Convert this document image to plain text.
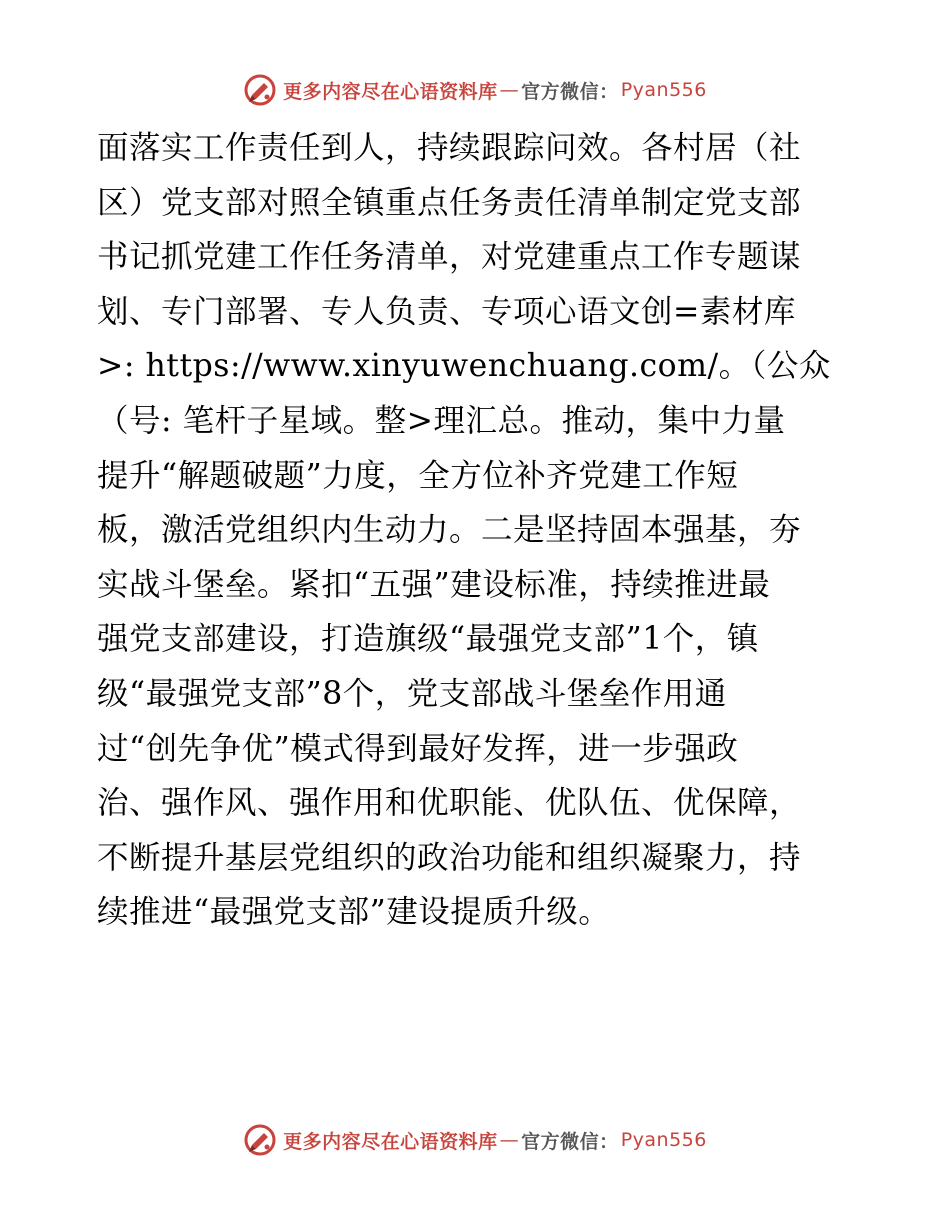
更多内容尽在心语资料库 — 官方微信： Pyan556
面落实工作责任到人，持续跟踪问效。各村居（社
区）党支部对照全镇重点任务责任清单制定党支部
书记抓党建工作任务清单，对党建重点工作专题谋
划、专门部署、专人负责、专项心语文创=素材库
>: https://www.xinyuwenchuang.com/。（公众
（号: 笔杆子星域。整>理汇总。推动，集中力量
提升“解题破题”力度，全方位补齐党建工作短
板，激活党组织内生动力。二是坚持固本强基，夯
实战斗堡垒。紧扣“五强”建设标准，持续推进最
强党支部建设，打造旗级“最强党支部”1个，镇
级“最强党支部”8个，党支部战斗堡垒作用通
过“创先争优”模式得到最好发挥，进一步强政
治、强作风、强作用和优职能、优队伍、优保障，
不断提升基层党组织的政治功能和组织凝聚力，持
续推进“最强党支部”建设提质升级。
更多内容尽在心语资料库 — 官方微信： Pyan556
